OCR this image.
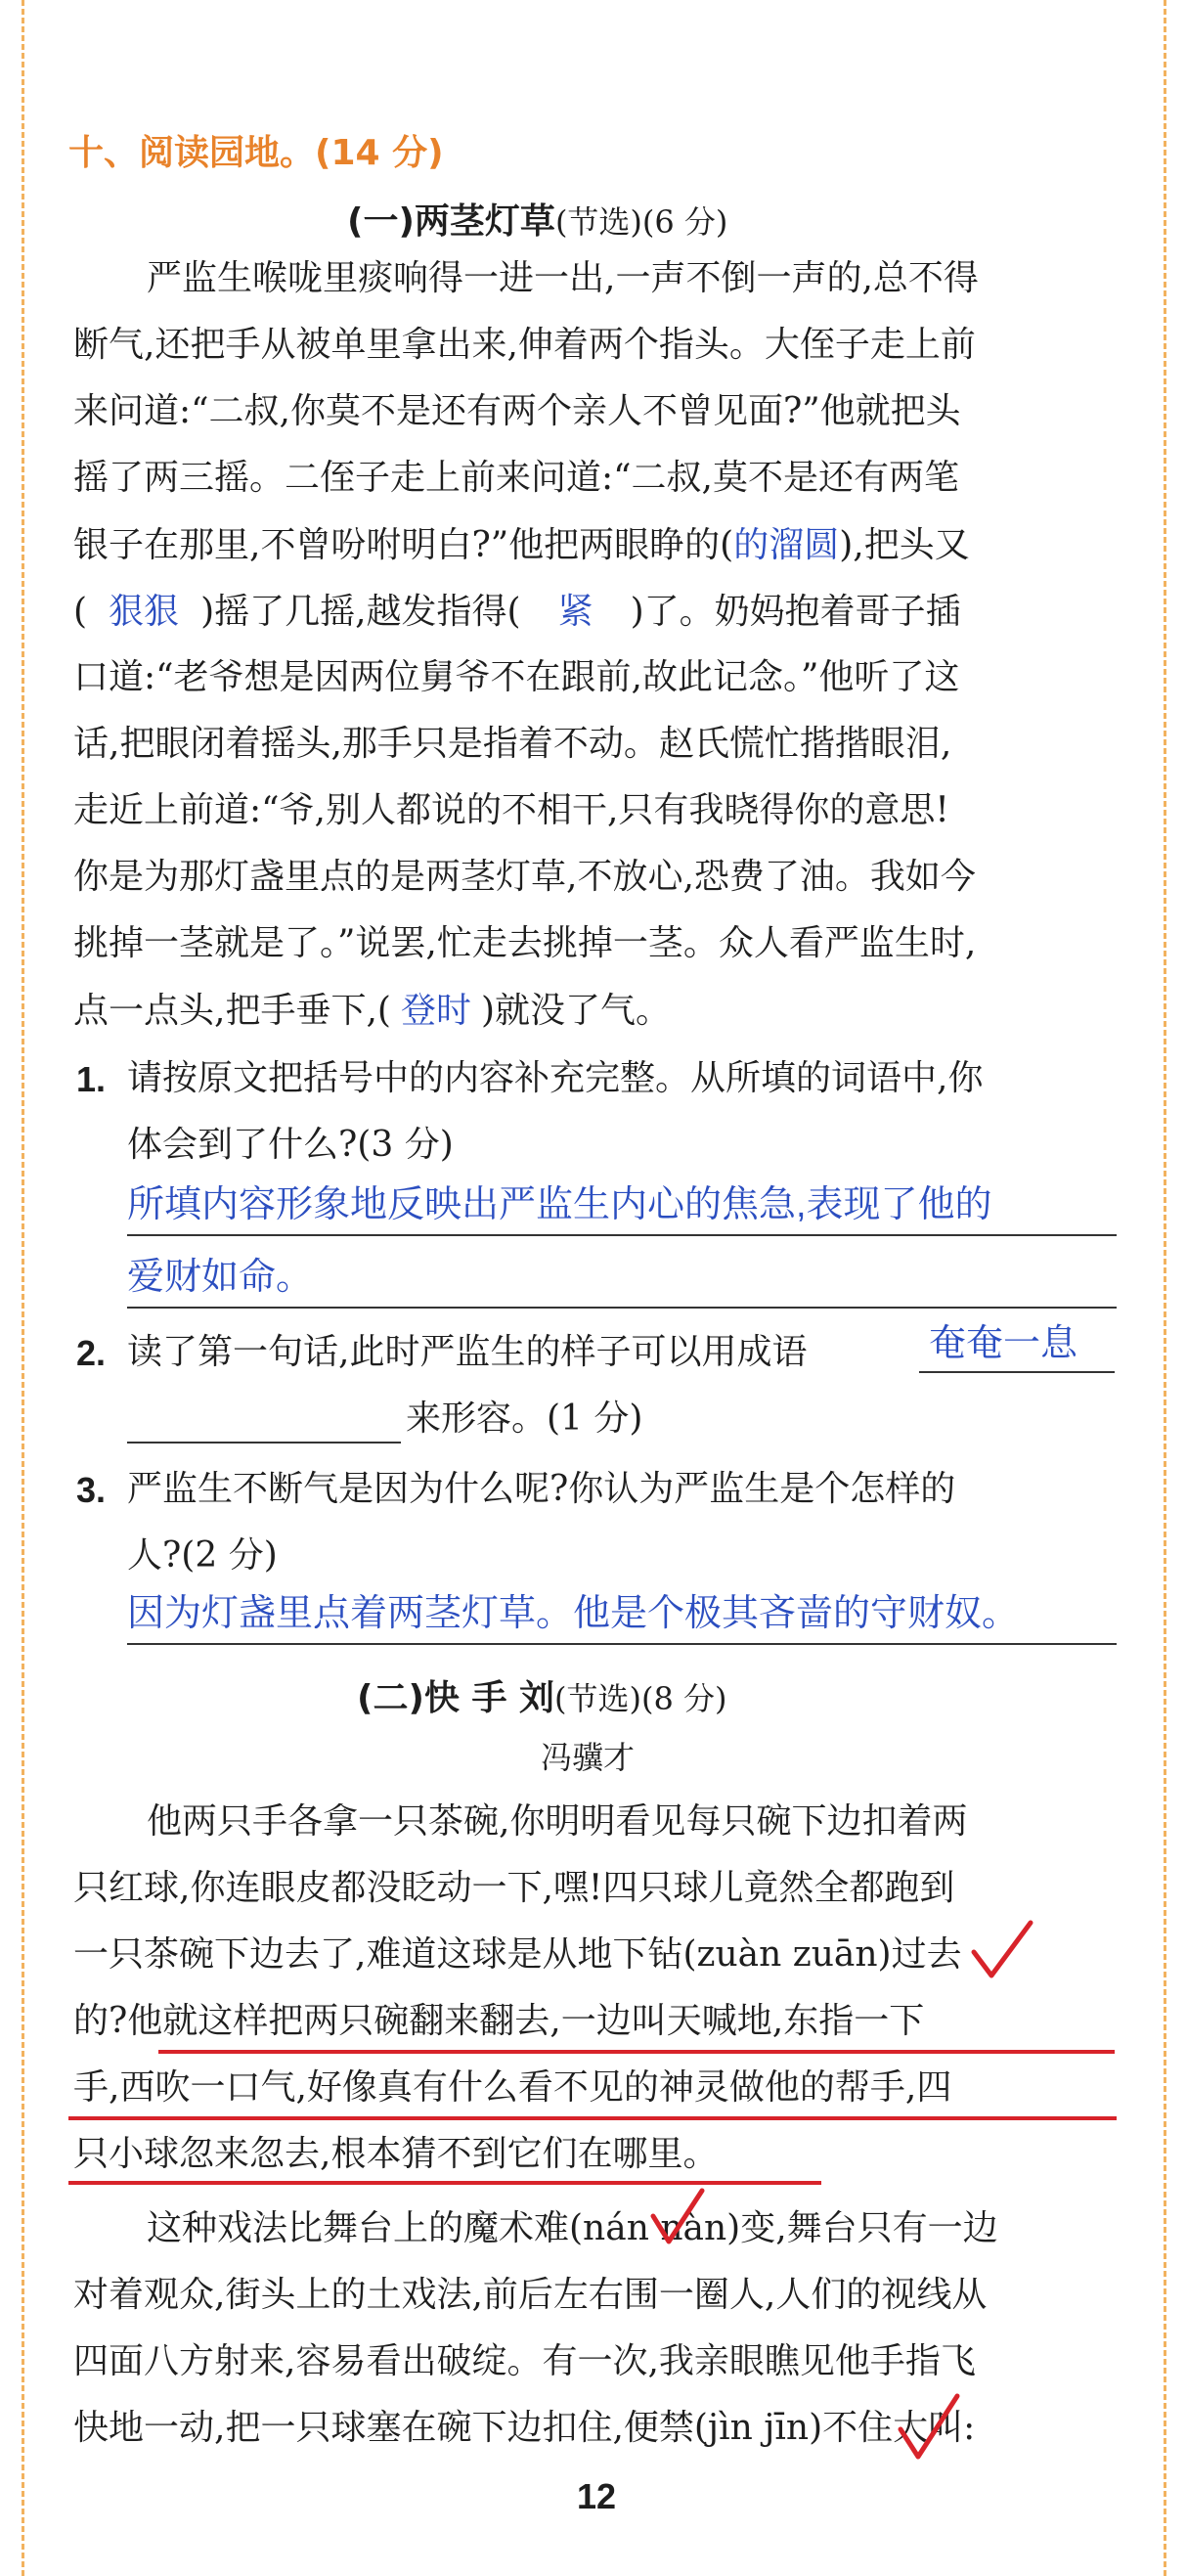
十、阅读园地。(14 分)
(一)两茎灯草(节选)(6 分)
严监生喉咙里痰响得一进一出,一声不倒一声的,总不得
断气,还把手从被单里拿出来,伸着两个指头。大侄子走上前
来问道:“二叔,你莫不是还有两个亲人不曾见面?”他就把头
摇了两三摇。二侄子走上前来问道:“二叔,莫不是还有两笔
银子在那里,不曾吩咐明白?”他把两眼睁的(的溜圆),把头又
( 狠狠 )摇了几摇,越发指得( 紧 )了。奶妈抱着哥子插
口道:“老爷想是因两位舅爷不在跟前,故此记念。”他听了这
话,把眼闭着摇头,那手只是指着不动。赵氏慌忙揩揩眼泪,
走近上前道:“爷,别人都说的不相干,只有我晓得你的意思!
你是为那灯盏里点的是两茎灯草,不放心,恐费了油。我如今
挑掉一茎就是了。”说罢,忙走去挑掉一茎。众人看严监生时,
点一点头,把手垂下,( 登时 )就没了气。
1. 请按原文把括号中的内容补充完整。从所填的词语中,你
体会到了什么?(3 分)
所填内容形象地反映出严监生内心的焦急,表现了他的
爱财如命。
2. 读了第一句话,此时严监生的样子可以用成语	奄奄一息
来形容。(1 分)
3. 严监生不断气是因为什么呢?你认为严监生是个怎样的
人?(2 分)
因为灯盏里点着两茎灯草。他是个极其吝啬的守财奴。
(二)快 手 刘(节选)(8 分)
冯骥才
他两只手各拿一只茶碗,你明明看见每只碗下边扣着两
只红球,你连眼皮都没眨动一下,嘿!四只球儿竟然全都跑到
一只茶碗下边去了,难道这球是从地下钻(zuàn zuān)过去
的?他就这样把两只碗翻来翻去,一边叫天喊地,东指一下
手,西吹一口气,好像真有什么看不见的神灵做他的帮手,四
只小球忽来忽去,根本猜不到它们在哪里。
这种戏法比舞台上的魔术难(nán nàn)变,舞台只有一边
对着观众,街头上的土戏法,前后左右围一圈人,人们的视线从
四面八方射来,容易看出破绽。有一次,我亲眼瞧见他手指飞
快地一动,把一只球塞在碗下边扣住,便禁(jìn jīn)不住大叫:
12
